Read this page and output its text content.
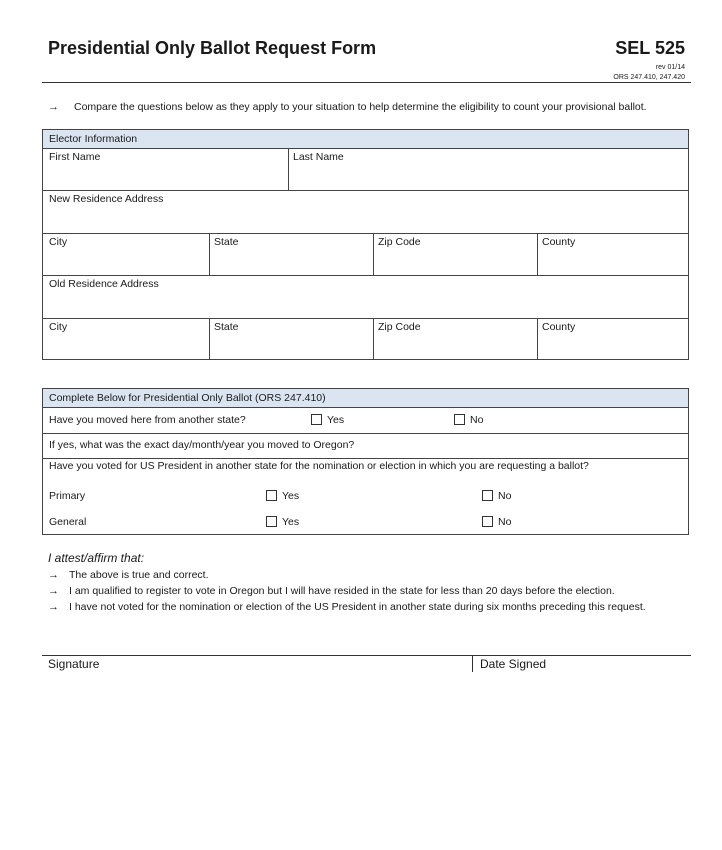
Presidential Only Ballot Request Form	SEL 525
rev 01/14
ORS 247.410, 247.420
→ Compare the questions below as they apply to your situation to help determine the eligibility to count your provisional ballot.
Elector Information
First Name	Last Name
New Residence Address
City	State	Zip Code	County
Old Residence Address
City	State	Zip Code	County
Complete Below for Presidential Only Ballot (ORS 247.410)
Have you moved here from another state?	Yes	No
If yes, what was the exact day/month/year you moved to Oregon?
Have you voted for US President in another state for the nomination or election in which you are requesting a ballot?
Primary	Yes	No
General	Yes	No
I attest/affirm that:
→ The above is true and correct.
→ I am qualified to register to vote in Oregon but I will have resided in the state for less than 20 days before the election.
→ I have not voted for the nomination or election of the US President in another state during six months preceding this request.
Signature	Date Signed
